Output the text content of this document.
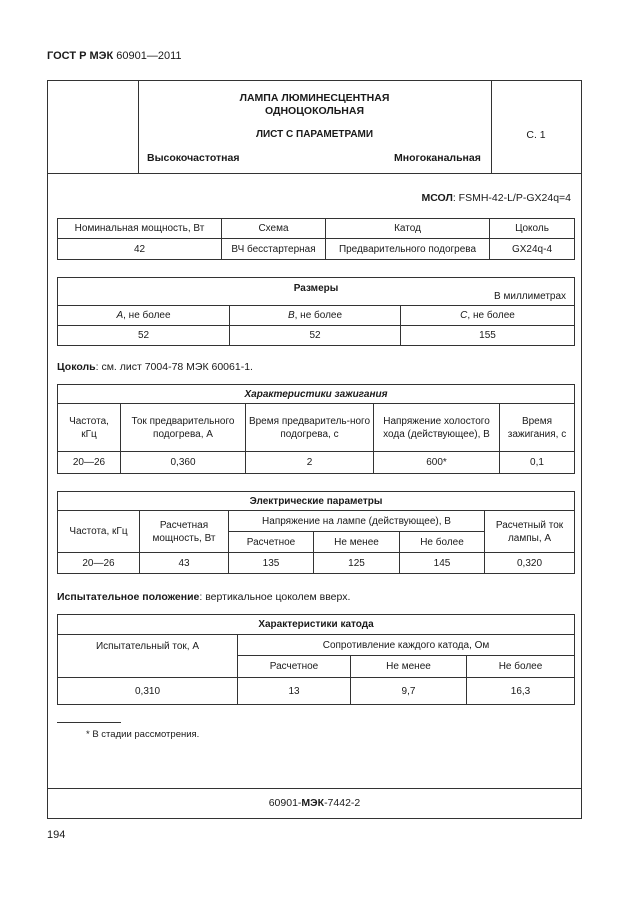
ГОСТ Р МЭК 60901—2011
ЛАМПА ЛЮМИНЕСЦЕНТНАЯ
ОДНОЦОКОЛЬНАЯ
ЛИСТ С ПАРАМЕТРАМИ
Высокочастотная	Многоканальная
С. 1
МСОЛ: FSMH-42-L/P-GX24q=4
60901-МЭК-7442-2
Номинальная мощность, Вт	Схема	Катод	Цоколь
42	ВЧ бесстартерная	Предварительного подогрева	GX24q-4
Размеры
В миллиметрах		

A, не более	B, не более	C, не более
52	52	155
Цоколь: см. лист 7004-78 МЭК 60061-1.
Характеристики зажигания				
Частота, кГц	Ток предварительного подогрева, А	Время предваритель-ного подогрева, с	Напряжение холостого хода (действующее), В	Время зажигания, с
20—26	0,360	2	600*	0,1
Электрические параметры					
Частота, кГц	Расчетная мощность, Вт	Напряжение на лампе (действующее), В			Расчетный ток лампы, А
		Расчетное	Не менее	Не более	
20—26	43	135	125	145	0,320
Испытательное положение: вертикальное цоколем вверх.
Характеристики катода			
Испытательный ток, А	Сопротивление каждого катода, Ом		
	Расчетное	Не менее	Не более
0,310	13	9,7	16,3
* В стадии рассмотрения.
194
